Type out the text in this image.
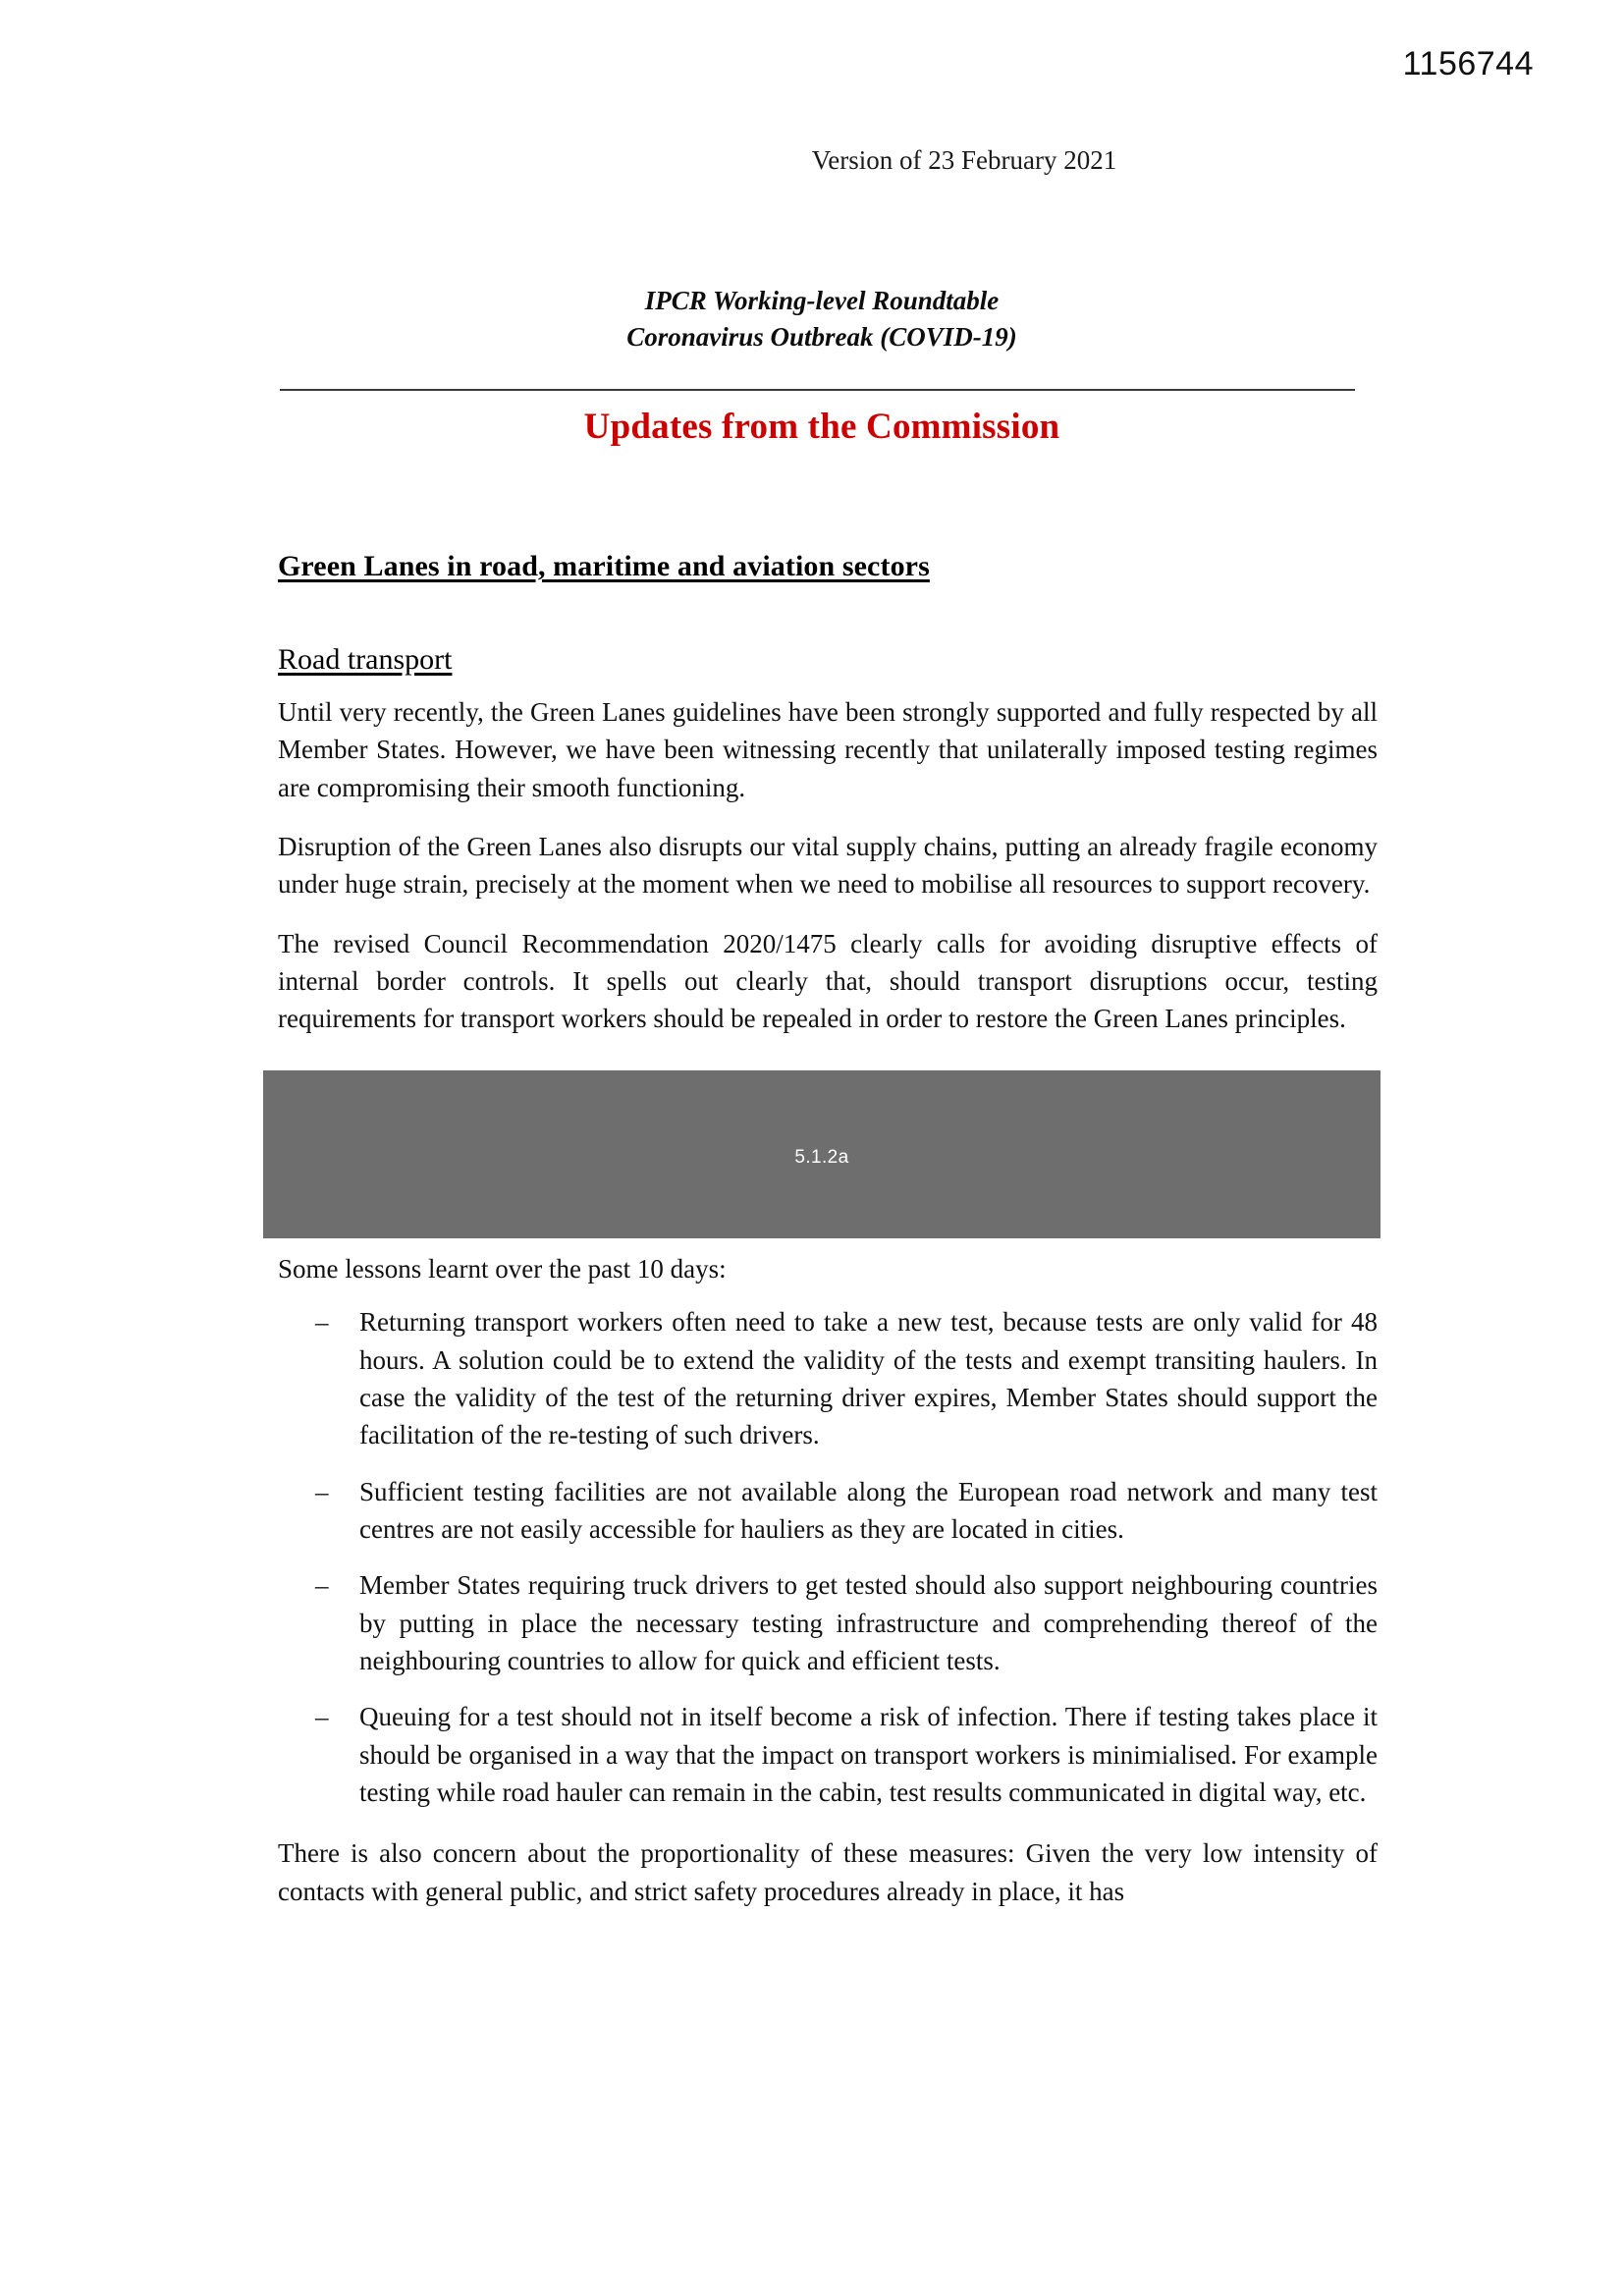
1156744
Version of 23 February 2021
IPCR Working-level Roundtable
Coronavirus Outbreak (COVID-19)
Updates from the Commission
Green Lanes in road, maritime and aviation sectors
Road transport

Until very recently, the Green Lanes guidelines have been strongly supported and fully respected by all Member States. However, we have been witnessing recently that unilaterally imposed testing regimes are compromising their smooth functioning.

Disruption of the Green Lanes also disrupts our vital supply chains, putting an already fragile economy under huge strain, precisely at the moment when we need to mobilise all resources to support recovery.

The revised Council Recommendation 2020/1475 clearly calls for avoiding disruptive effects of internal border controls. It spells out clearly that, should transport disruptions occur, testing requirements for transport workers should be repealed in order to restore the Green Lanes principles.

5.1.2a

Some lessons learnt over the past 10 days:

– Returning transport workers often need to take a new test, because tests are only valid for 48 hours. A solution could be to extend the validity of the tests and exempt transiting haulers. In case the validity of the test of the returning driver expires, Member States should support the facilitation of the re-testing of such drivers.
– Sufficient testing facilities are not available along the European road network and many test centres are not easily accessible for hauliers as they are located in cities.
– Member States requiring truck drivers to get tested should also support neighbouring countries by putting in place the necessary testing infrastructure and comprehending thereof of the neighbouring countries to allow for quick and efficient tests.
– Queuing for a test should not in itself become a risk of infection. There if testing takes place it should be organised in a way that the impact on transport workers is minimialised. For example testing while road hauler can remain in the cabin, test results communicated in digital way, etc.

There is also concern about the proportionality of these measures: Given the very low intensity of contacts with general public, and strict safety procedures already in place, it has
